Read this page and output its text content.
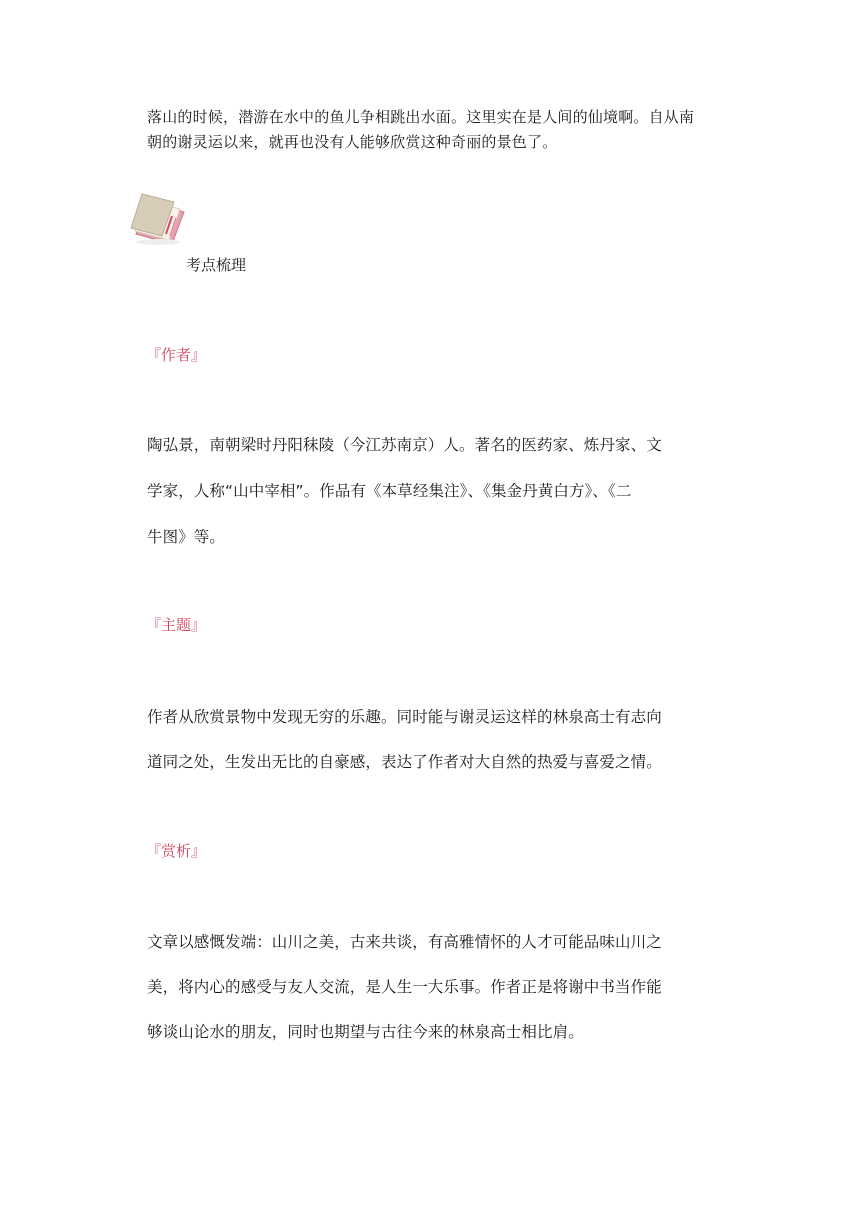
落山的时候，潜游在水中的鱼儿争相跳出水面。这里实在是人间的仙境啊。自从南
朝的谢灵运以来，就再也没有人能够欣赏这种奇丽的景色了。
考点梳理
『作者』
陶弘景，南朝梁时丹阳秣陵（今江苏南京）人。著名的医药家、炼丹家、文
学家，人称“山中宰相”。作品有《本草经集注》、《集金丹黄白方》、《二
牛图》等。
『主题』
作者从欣赏景物中发现无穷的乐趣。同时能与谢灵运这样的林泉高士有志向
道同之处，生发出无比的自豪感，表达了作者对大自然的热爱与喜爱之情。
『赏析』
文章以感慨发端：山川之美，古来共谈，有高雅情怀的人才可能品味山川之
美，将内心的感受与友人交流，是人生一大乐事。作者正是将谢中书当作能
够谈山论水的朋友，同时也期望与古往今来的林泉高士相比肩。
